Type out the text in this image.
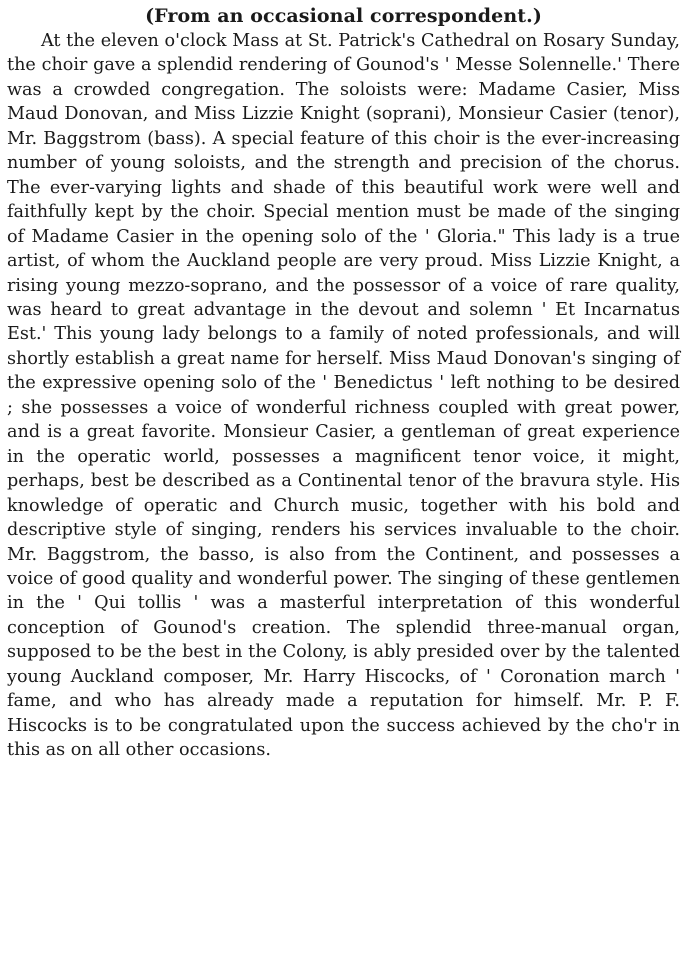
(From an occasional correspondent.)

At the eleven o'clock Mass at St. Patrick's Cathedral on Rosary Sunday, the choir gave a splendid rendering of Gounod's ' Messe Solennelle.' There was a crowded congregation. The soloists were: Madame Casier, Miss Maud Donovan, and Miss Lizzie Knight (soprani), Monsieur Casier (tenor), Mr. Baggstrom (bass). A special feature of this choir is the ever-increasing number of young soloists, and the strength and precision of the chorus. The ever-varying lights and shade of this beautiful work were well and faithfully kept by the choir. Special mention must be made of the singing of Madame Casier in the opening solo of the ' Gloria." This lady is a true artist, of whom the Auckland people are very proud. Miss Lizzie Knight, a rising young mezzo-soprano, and the possessor of a voice of rare quality, was heard to great advantage in the devout and solemn ' Et Incarnatus Est.' This young lady belongs to a family of noted professionals, and will shortly establish a great name for herself. Miss Maud Donovan's singing of the expressive opening solo of the ' Benedictus ' left nothing to be desired ; she possesses a voice of wonderful richness coupled with great power, and is a great favorite. Monsieur Casier, a gentleman of great experience in the operatic world, possesses a magnificent tenor voice, it might, perhaps, best be described as a Continental tenor of the bravura style. His knowledge of operatic and Church music, together with his bold and descriptive style of singing, renders his services invaluable to the choir. Mr. Baggstrom, the basso, is also from the Continent, and possesses a voice of good quality and wonderful power. The singing of these gentlemen in the ' Qui tollis ' was a masterful interpretation of this wonderful conception of Gounod's creation. The splendid three-manual organ, supposed to be the best in the Colony, is ably presided over by the talented young Auckland composer, Mr. Harry Hiscocks, of ' Coronation march ' fame, and who has already made a reputation for himself. Mr. P. F. Hiscocks is to be congratulated upon the success achieved by the cho'r in this as on all other occasions.
